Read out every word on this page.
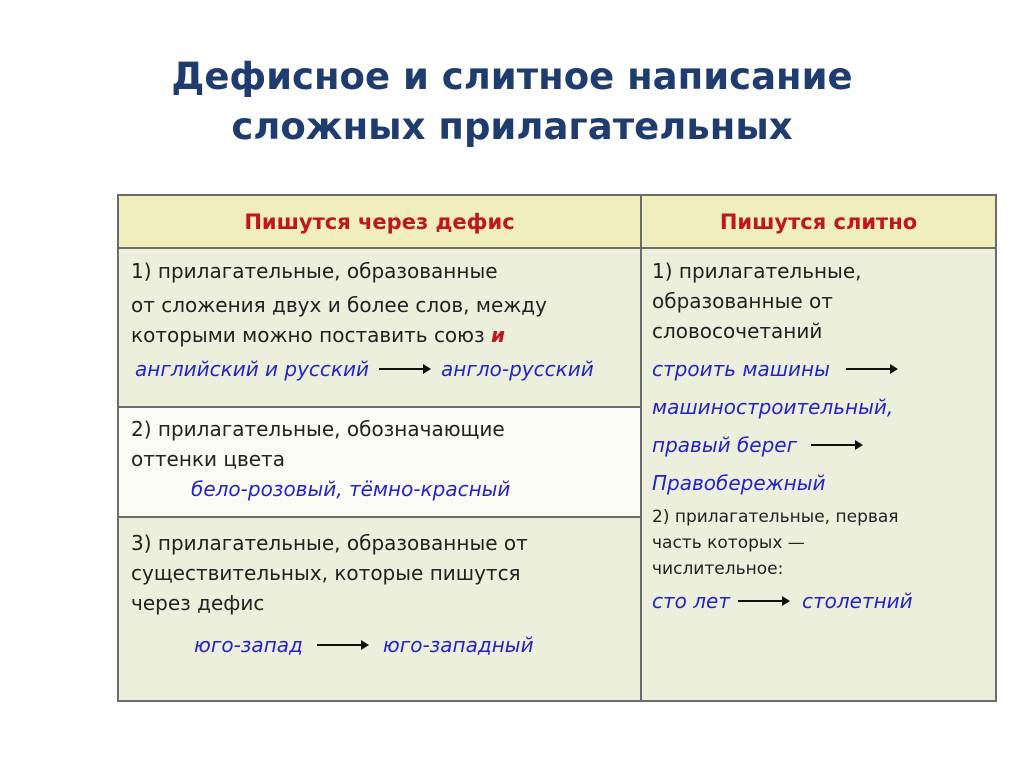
Дефисное и слитное написание
сложных прилагательных
Пишутся через дефис	Пишутся слитно
1) прилагательные, образованные
от сложения двух и более слов, между
которыми можно поставить союз и
английский и русский	англо-русский
2) прилагательные, обозначающие
оттенки цвета
бело-розовый, тёмно-красный
3) прилагательные, образованные от
существительных, которые пишутся
через дефис
юго-запад	юго-западный
1) прилагательные,
образованные от
словосочетаний
строить машины
машиностроительный,
правый берег
Правобережный
2) прилагательные, первая
часть которых —
числительное:
сто лет	столетний
